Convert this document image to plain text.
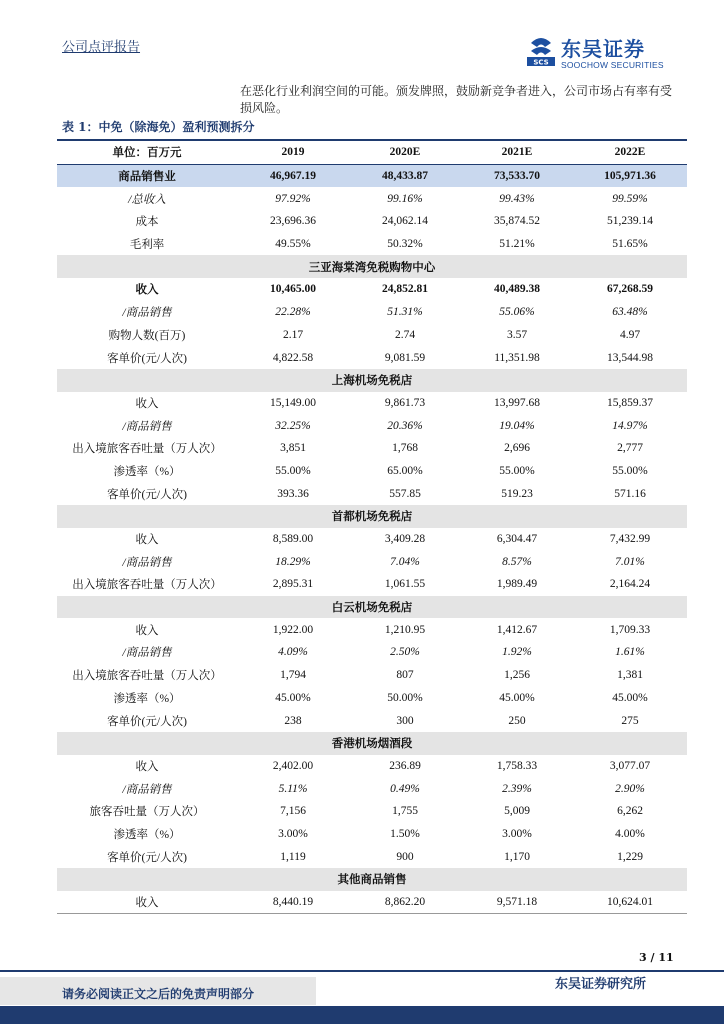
公司点评报告
SCS
东吴证券
SOOCHOW SECURITIES
在恶化行业利润空间的可能。颁发牌照，鼓励新竞争者进入，公司市场占有率有受损风险。
表 1：中免（除海免）盈利预测拆分
单位：百万元	2019	2020E	2021E	2022E
商品销售业	46,967.19	48,433.87	73,533.70	105,971.36
/总收入	97.92%	99.16%	99.43%	99.59%
成本	23,696.36	24,062.14	35,874.52	51,239.14
毛利率	49.55%	50.32%	51.21%	51.65%
三亚海棠湾免税购物中心				
收入	10,465.00	24,852.81	40,489.38	67,268.59
/商品销售	22.28%	51.31%	55.06%	63.48%
购物人数(百万)	2.17	2.74	3.57	4.97
客单价(元/人次)	4,822.58	9,081.59	11,351.98	13,544.98
上海机场免税店				
收入	15,149.00	9,861.73	13,997.68	15,859.37
/商品销售	32.25%	20.36%	19.04%	14.97%
出入境旅客吞吐量（万人次）	3,851	1,768	2,696	2,777
渗透率（%）	55.00%	65.00%	55.00%	55.00%
客单价(元/人次)	393.36	557.85	519.23	571.16
首都机场免税店				
收入	8,589.00	3,409.28	6,304.47	7,432.99
/商品销售	18.29%	7.04%	8.57%	7.01%
出入境旅客吞吐量（万人次）	2,895.31	1,061.55	1,989.49	2,164.24
白云机场免税店				
收入	1,922.00	1,210.95	1,412.67	1,709.33
/商品销售	4.09%	2.50%	1.92%	1.61%
出入境旅客吞吐量（万人次）	1,794	807	1,256	1,381
渗透率（%）	45.00%	50.00%	45.00%	45.00%
客单价(元/人次)	238	300	250	275
香港机场烟酒段				
收入	2,402.00	236.89	1,758.33	3,077.07
/商品销售	5.11%	0.49%	2.39%	2.90%
旅客吞吐量（万人次）	7,156	1,755	5,009	6,262
渗透率（%）	3.00%	1.50%	3.00%	4.00%
客单价(元/人次)	1,119	900	1,170	1,229
其他商品销售				
收入	8,440.19	8,862.20	9,571.18	10,624.01
3 / 11
请务必阅读正文之后的免责声明部分
东吴证券研究所
